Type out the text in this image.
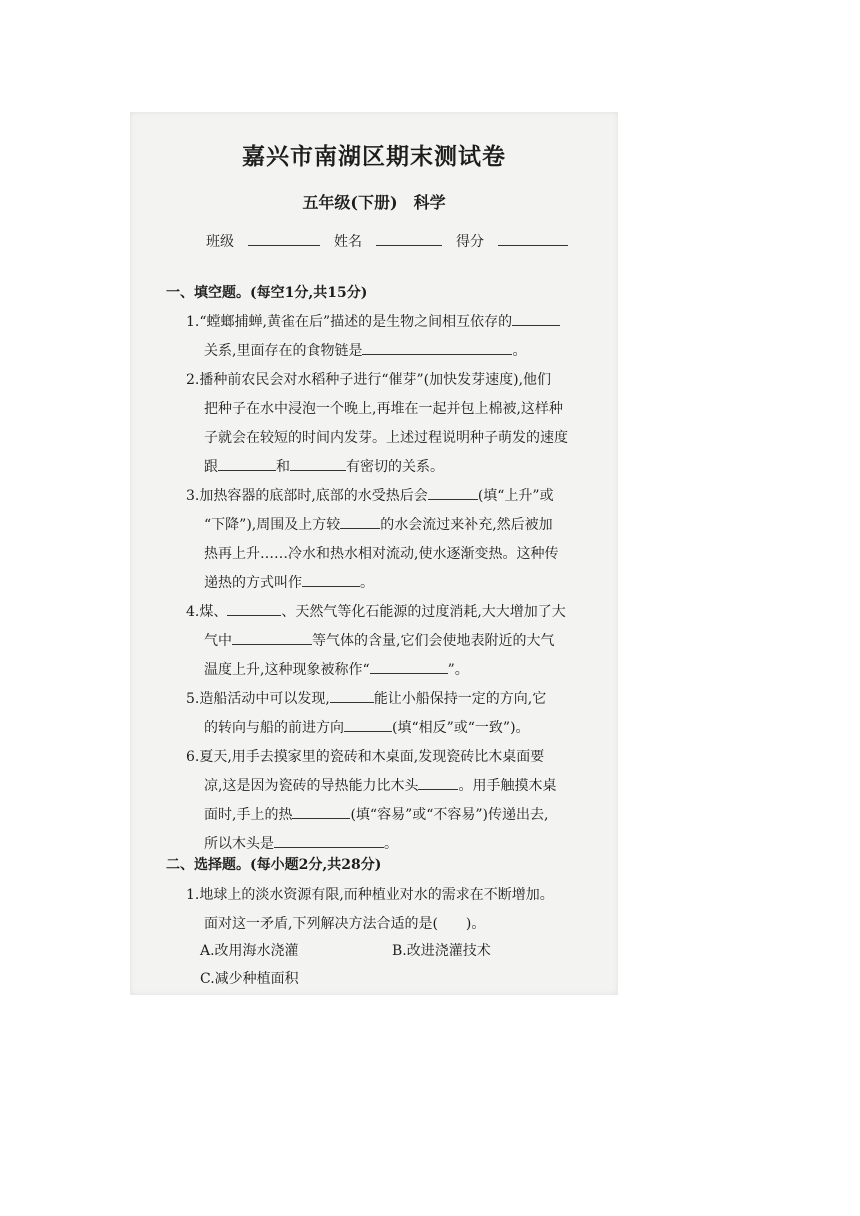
嘉兴市南湖区期末测试卷
五年级(下册)　科学
班级	姓名	得分
一、填空题。(每空1分,共15分)
1.“螳螂捕蝉,黄雀在后”描述的是生物之间相互依存的
关系,里面存在的食物链是	。
2.播种前农民会对水稻种子进行“催芽”(加快发芽速度),他们
把种子在水中浸泡一个晚上,再堆在一起并包上棉被,这样种
子就会在较短的时间内发芽。上述过程说明种子萌发的速度
跟	和	有密切的关系。
3.加热容器的底部时,底部的水受热后会	(填“上升”或
“下降”),周围及上方较	的水会流过来补充,然后被加
热再上升……冷水和热水相对流动,使水逐渐变热。这种传
递热的方式叫作	。
4.煤、	、天然气等化石能源的过度消耗,大大增加了大
气中	等气体的含量,它们会使地表附近的大气
温度上升,这种现象被称作“	”。
5.造船活动中可以发现,	能让小船保持一定的方向,它
的转向与船的前进方向	(填“相反”或“一致”)。
6.夏天,用手去摸家里的瓷砖和木桌面,发现瓷砖比木桌面要
凉,这是因为瓷砖的导热能力比木头	。用手触摸木桌
面时,手上的热	(填“容易”或“不容易”)传递出去,
所以木头是	。
二、选择题。(每小题2分,共28分)
1.地球上的淡水资源有限,而种植业对水的需求在不断增加。
面对这一矛盾,下列解决方法合适的是(　　)。
A.改用海水浇灌	B.改进浇灌技术
C.减少种植面积
